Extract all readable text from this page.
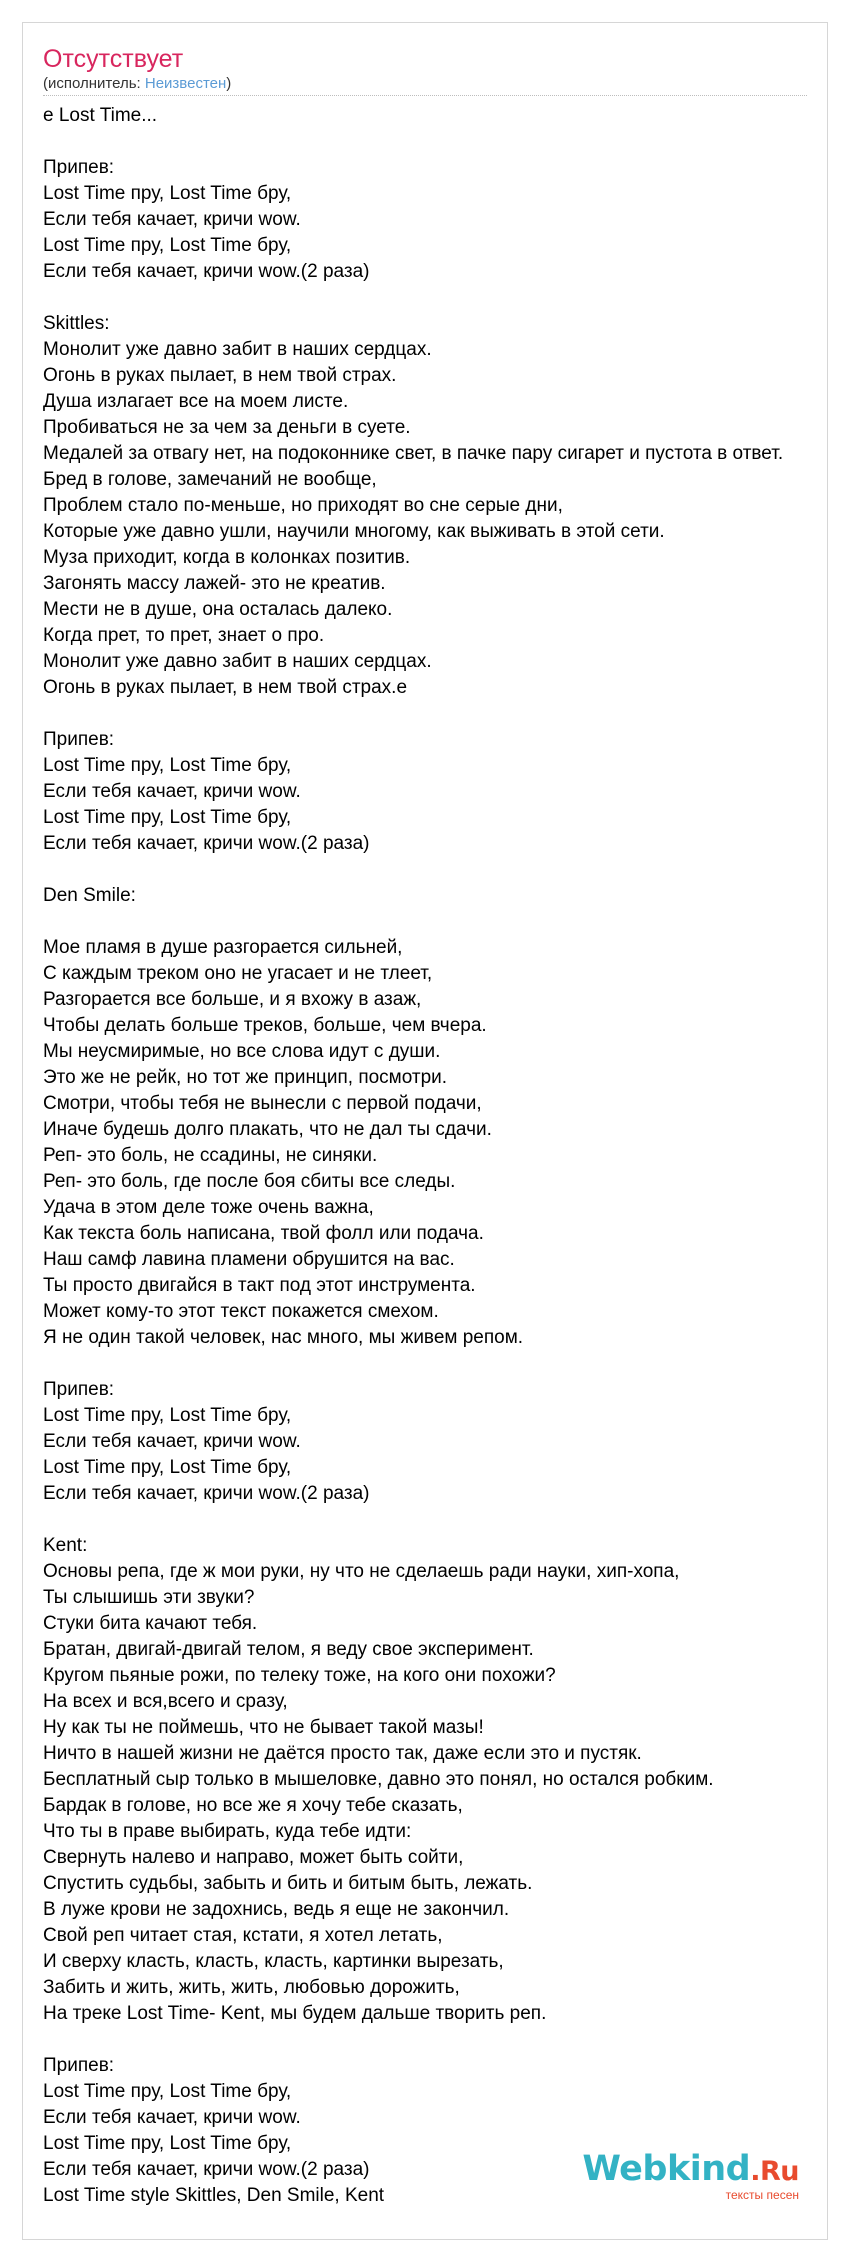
Отсутствует
(исполнитель: Неизвестен)
е Lost Time...

Припев:
Lost Time пру, Lost Time бру,
Если тебя качает, кричи wow.
Lost Time пру, Lost Time бру,
Если тебя качает, кричи wow.(2 раза)

Skittles:
Монолит уже давно забит в наших сердцах.
Огонь в руках пылает, в нем твой страх.
Душа излагает все на моем листе.
Пробиваться не за чем за деньги в суете.
Медалей за отвагу нет, на подоконнике свет, в пачке пару сигарет и пустота в ответ.
Бред в голове, замечаний не вообще,
Проблем стало по-меньше, но приходят во сне серые дни,
Которые уже давно ушли, научили многому, как выживать в этой сети.
Муза приходит, когда в колонках позитив.
Загонять массу лажей- это не креатив.
Мести не в душе, она осталась далеко.
Когда прет, то прет, знает о про.
Монолит уже давно забит в наших сердцах.
Огонь в руках пылает, в нем твой страх.е

Припев:
Lost Time пру, Lost Time бру,
Если тебя качает, кричи wow.
Lost Time пру, Lost Time бру,
Если тебя качает, кричи wow.(2 раза)

Den Smile:

Мое пламя в душе разгорается сильней,
С каждым треком оно не угасает и не тлеет,
Разгорается все больше, и я вхожу в азаж,
Чтобы делать больше треков, больше, чем вчера.
Мы неусмиримые, но все слова идут с души.
Это же не рейк, но тот же принцип, посмотри.
Смотри, чтобы тебя не вынесли с первой подачи,
Иначе будешь долго плакать, что не дал ты сдачи.
Реп- это боль, не ссадины, не синяки.
Реп- это боль, где после боя сбиты все следы.
Удача в этом деле тоже очень важна,
Как текста боль написана, твой фолл или подача.
Наш самф лавина пламени обрушится на вас.
Ты просто двигайся в такт под этот инструмента.
Может кому-то этот текст покажется смехом.
Я не один такой человек, нас много, мы живем репом.

Припев:
Lost Time пру, Lost Time бру,
Если тебя качает, кричи wow.
Lost Time пру, Lost Time бру,
Если тебя качает, кричи wow.(2 раза)

Kent:
Основы репа, где ж мои руки, ну что не сделаешь ради науки, хип-хопа,
Ты слышишь эти звуки?
Стуки бита качают тебя.
Братан, двигай-двигай телом, я веду свое эксперимент.
Кругом пьяные рожи, по телеку тоже, на кого они похожи?
На всех и вся,всего и сразу,
Ну как ты не поймешь, что не бывает такой мазы!
Ничто в нашей жизни не даётся просто так, даже если это и пустяк.
Бесплатный сыр только в мышеловке, давно это понял, но остался робким.
Бардак в голове, но все же я хочу тебе сказать,
Что ты в праве выбирать, куда тебе идти:
Свернуть налево и направо, может быть сойти,
Спустить судьбы, забыть и бить и битым быть, лежать.
В луже крови не задохнись, ведь я еще не закончил.
Свой реп читает стая, кстати, я хотел летать,
И сверху класть, класть, класть, картинки вырезать,
Забить и жить, жить, жить, любовью дорожить,
На треке Lost Time- Kent, мы будем дальше творить реп.

Припев:
Lost Time пру, Lost Time бру,
Если тебя качает, кричи wow.
Lost Time пру, Lost Time бру,
Если тебя качает, кричи wow.(2 раза)
Lost Time style Skittles, Den Smile, Kent
Webkind.Ru
тексты песен
